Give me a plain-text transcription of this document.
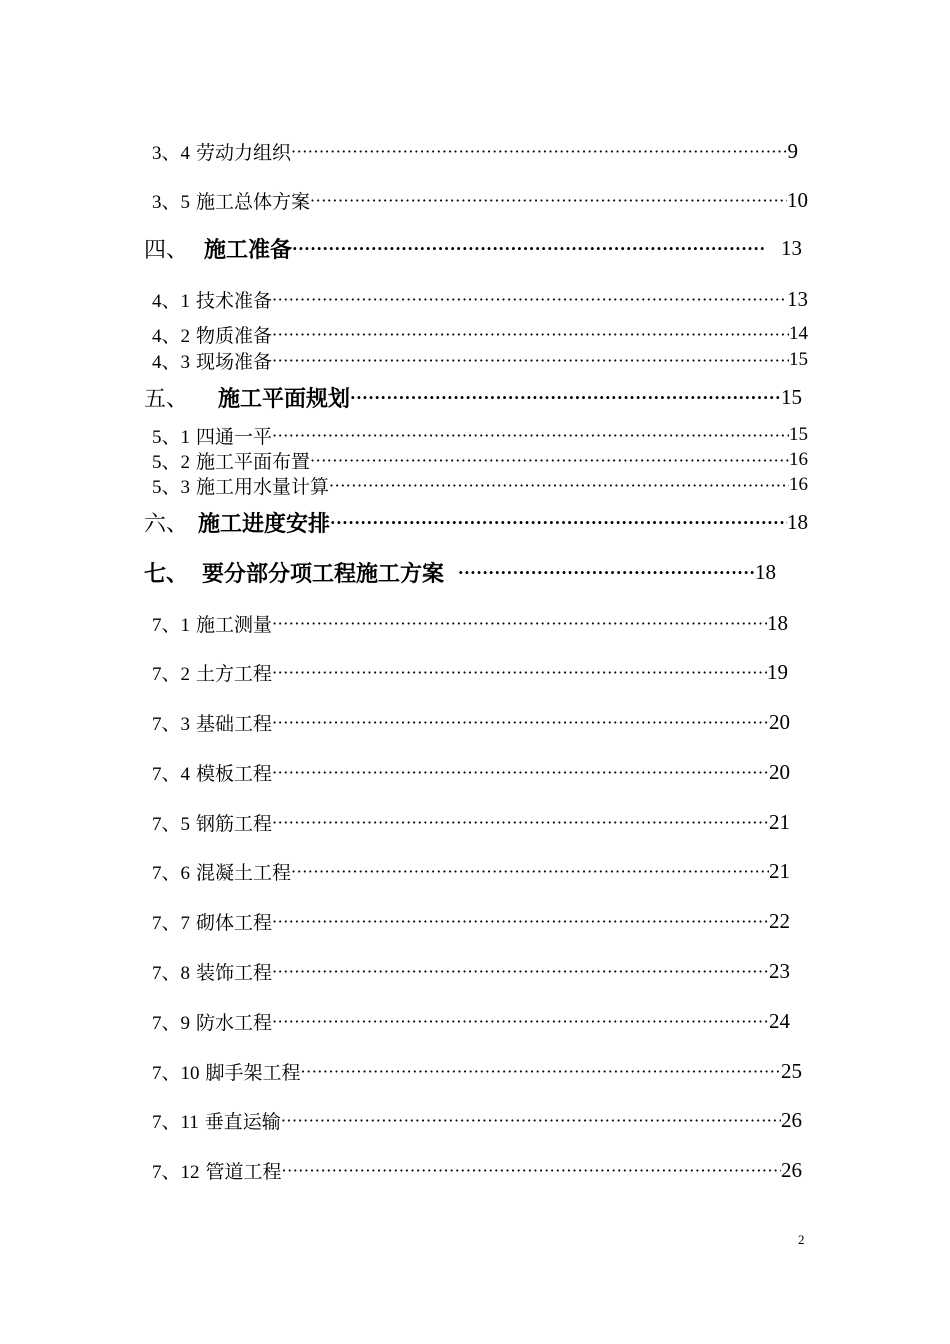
3、4 劳动力组织 ·····	9
3、5 施工总体方案 ·····	10
四、 施工准备 ·····	13
4、1 技术准备 ·····	13
4、2 物质准备 ·····	14
4、3 现场准备 ·····	15
五、 施工平面规划 ·····	15
5、1 四通一平 ·····	15
5、2 施工平面布置 ·····	16
5、3 施工用水量计算 ·····	16
六、 施工进度安排 ·····	18
七、 要分部分项工程施工方案 ·····	18
7、1 施工测量 ·····	18
7、2 土方工程 ·····	19
7、3 基础工程 ·····	20
7、4 模板工程 ·····	20
7、5 钢筋工程 ·····	21
7、6 混凝土工程 ·····	21
7、7 砌体工程 ·····	22
7、8 装饰工程 ·····	23
7、9 防水工程 ·····	24
7、10 脚手架工程 ·····	25
7、11 垂直运输 ·····	26
7、12 管道工程 ·····	26
2
